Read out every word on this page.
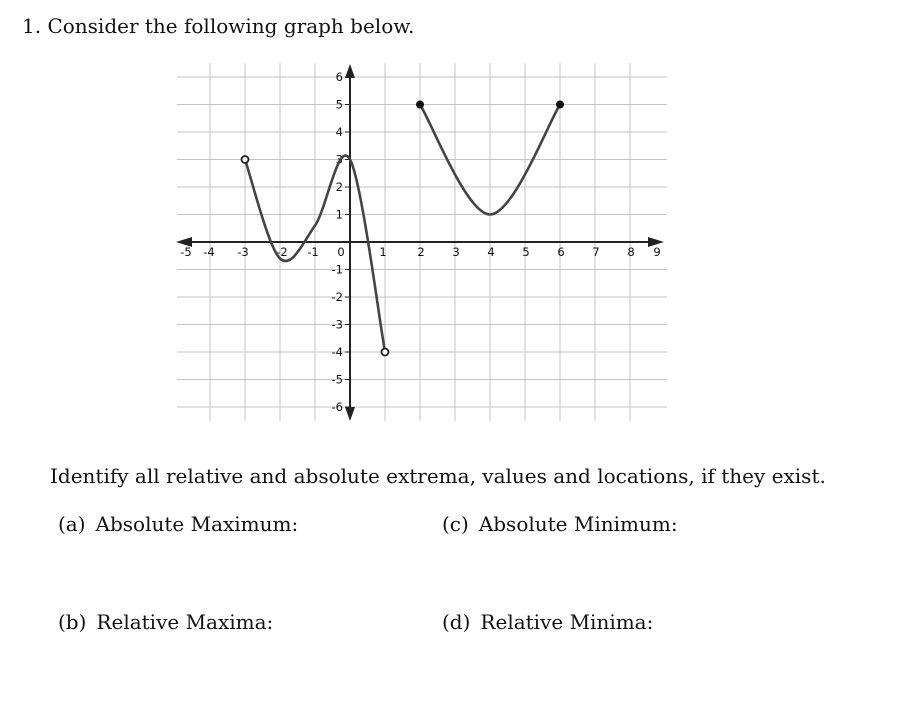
1. Consider the following graph below.
-5 -4 -3 -2 -1 0	1	2 3 4 5 6 7 8 9
6
5
4
3
2
1
-1
-2
-3
-4
-5
-6
Identify all relative and absolute extrema, values and locations, if they exist.
(a) Absolute Maximum:	(c) Absolute Minimum:
(b) Relative Maxima:	(d) Relative Minima:
